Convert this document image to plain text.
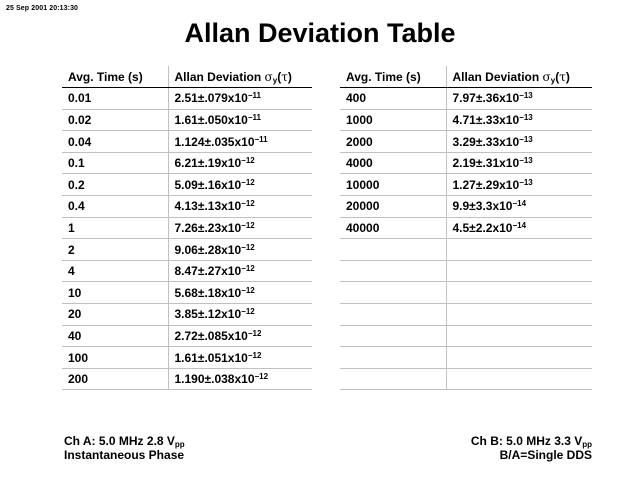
25 Sep 2001 20:13:30
Allan Deviation Table
Avg. Time (s)	Allan Deviation $\sigma_y(\tau)$
0.01	$2.51\pm.079x10^{-11}$
0.02	$1.61\pm.050x10^{-11}$
0.04	$1.124\pm.035x10^{-11}$
0.1	$6.21\pm.19x10^{-12}$
0.2	$5.09\pm.16x10^{-12}$
0.4	$4.13\pm.13x10^{-12}$
1	$7.26\pm.23x10^{-12}$
2	$9.06\pm.28x10^{-12}$
4	$8.47\pm.27x10^{-12}$
10	$5.68\pm.18x10^{-12}$
20	$3.85\pm.12x10^{-12}$
40	$2.72\pm.085x10^{-12}$
100	$1.61\pm.051x10^{-12}$
200	$1.190\pm.038x10^{-12}$
Avg. Time (s)	Allan Deviation $\sigma_y(\tau)$
400	$7.97\pm.36x10^{-13}$
1000	$4.71\pm.33x10^{-13}$
2000	$3.29\pm.33x10^{-13}$
4000	$2.19\pm.31x10^{-13}$
10000	$1.27\pm.29x10^{-13}$
20000	$9.9\pm 3.3x10^{-14}$
40000	$4.5\pm 2.2x10^{-14}$

Ch A: 5.0 MHz 2.8 $V_{pp}$
Instantaneous Phase
Ch B: 5.0 MHz 3.3 $V_{pp}$
B/A=Single DDS
